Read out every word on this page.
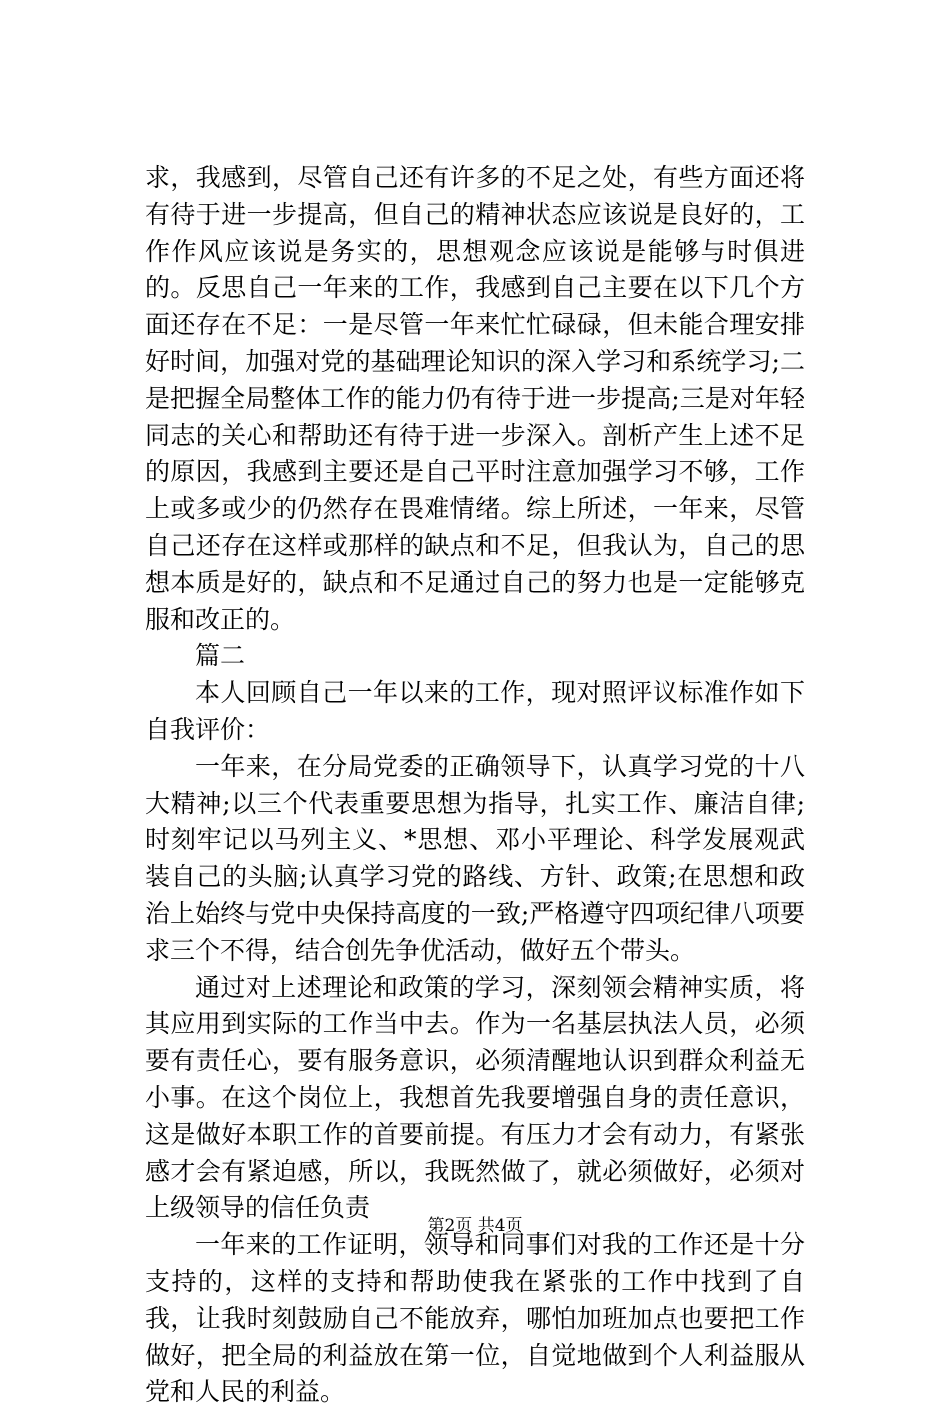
求，我感到，尽管自己还有许多的不足之处，有些方面还将有待于进一步提高，但自己的精神状态应该说是良好的，工作作风应该说是务实的，思想观念应该说是能够与时俱进的。反思自己一年来的工作，我感到自己主要在以下几个方面还存在不足：一是尽管一年来忙忙碌碌，但未能合理安排好时间，加强对党的基础理论知识的深入学习和系统学习;二是把握全局整体工作的能力仍有待于进一步提高;三是对年轻同志的关心和帮助还有待于进一步深入。剖析产生上述不足的原因，我感到主要还是自己平时注意加强学习不够，工作上或多或少的仍然存在畏难情绪。综上所述，一年来，尽管自己还存在这样或那样的缺点和不足，但我认为，自己的思想本质是好的，缺点和不足通过自己的努力也是一定能够克服和改正的。

篇二

本人回顾自己一年以来的工作，现对照评议标准作如下自我评价：

一年来，在分局党委的正确领导下，认真学习党的十八大精神;以三个代表重要思想为指导，扎实工作、廉洁自律;时刻牢记以马列主义、*思想、邓小平理论、科学发展观武装自己的头脑;认真学习党的路线、方针、政策;在思想和政治上始终与党中央保持高度的一致;严格遵守四项纪律八项要求三个不得，结合创先争优活动，做好五个带头。

通过对上述理论和政策的学习，深刻领会精神实质，将其应用到实际的工作当中去。作为一名基层执法人员，必须要有责任心，要有服务意识，必须清醒地认识到群众利益无小事。在这个岗位上，我想首先我要增强自身的责任意识，这是做好本职工作的首要前提。有压力才会有动力，有紧张感才会有紧迫感，所以，我既然做了，就必须做好，必须对上级领导的信任负责

一年来的工作证明，领导和同事们对我的工作还是十分支持的，这样的支持和帮助使我在紧张的工作中找到了自我，让我时刻鼓励自己不能放弃，哪怕加班加点也要把工作做好，把全局的利益放在第一位，自觉地做到个人利益服从党和人民的利益。

第2页 共4页
